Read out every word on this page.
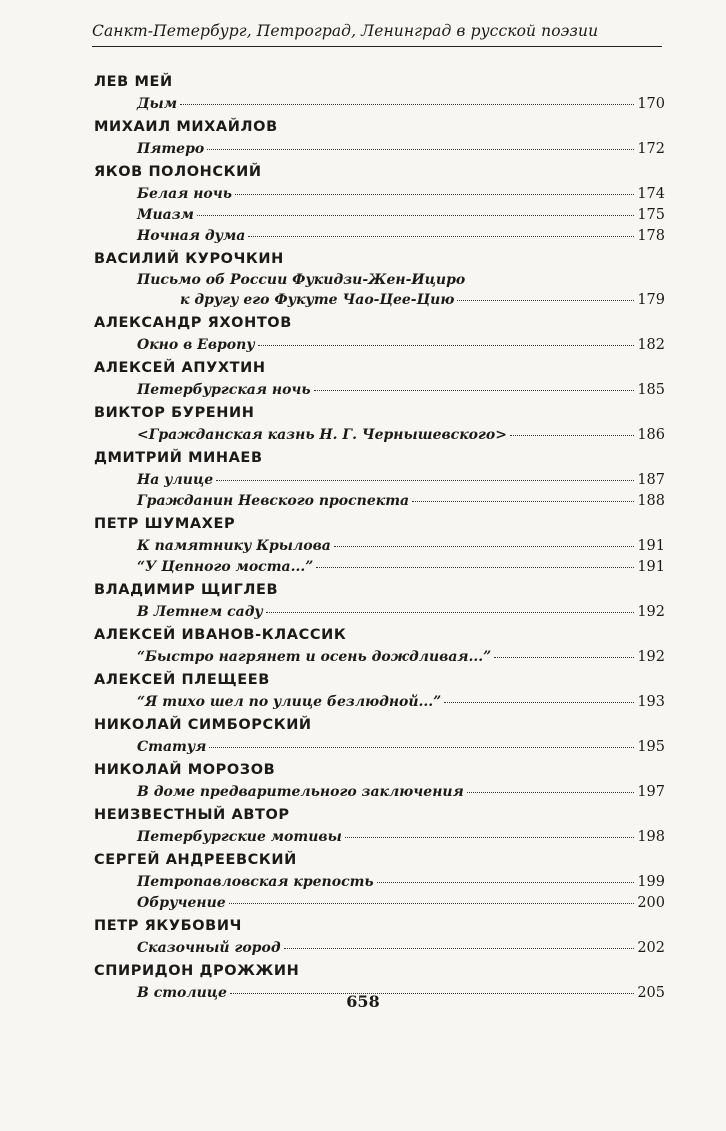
Санкт-Петербург, Петроград, Ленинград в русской поэзии
ЛЕВ МЕЙ
Дым	170
МИХАИЛ МИХАЙЛОВ
Пятеро	172
ЯКОВ ПОЛОНСКИЙ
Белая ночь	174
Миазм	175
Ночная дума	178
ВАСИЛИЙ КУРОЧКИН
Письмо об России Фукидзи-Жен-Ициро
к другу его Фукуте Чао-Цее-Цию	179
АЛЕКСАНДР ЯХОНТОВ
Окно в Европу	182
АЛЕКСЕЙ АПУХТИН
Петербургская ночь	185
ВИКТОР БУРЕНИН
<Гражданская казнь Н. Г. Чернышевского>	186
ДМИТРИЙ МИНАЕВ
На улице	187
Гражданин Невского проспекта	188
ПЕТР ШУМАХЕР
К памятнику Крылова	191
“У Цепного моста...”	191
ВЛАДИМИР ЩИГЛЕВ
В Летнем саду	192
АЛЕКСЕЙ ИВАНОВ-КЛАССИК
“Быстро нагрянет и осень дождливая...”	192
АЛЕКСЕЙ ПЛЕЩЕЕВ
“Я тихо шел по улице безлюдной...”	193
НИКОЛАЙ СИМБОРСКИЙ
Статуя	195
НИКОЛАЙ МОРОЗОВ
В доме предварительного заключения	197
НЕИЗВЕСТНЫЙ АВТОР
Петербургские мотивы	198
СЕРГЕЙ АНДРЕЕВСКИЙ
Петропавловская крепость	199
Обручение	200
ПЕТР ЯКУБОВИЧ
Сказочный город	202
СПИРИДОН ДРОЖЖИН
В столице	205
658
